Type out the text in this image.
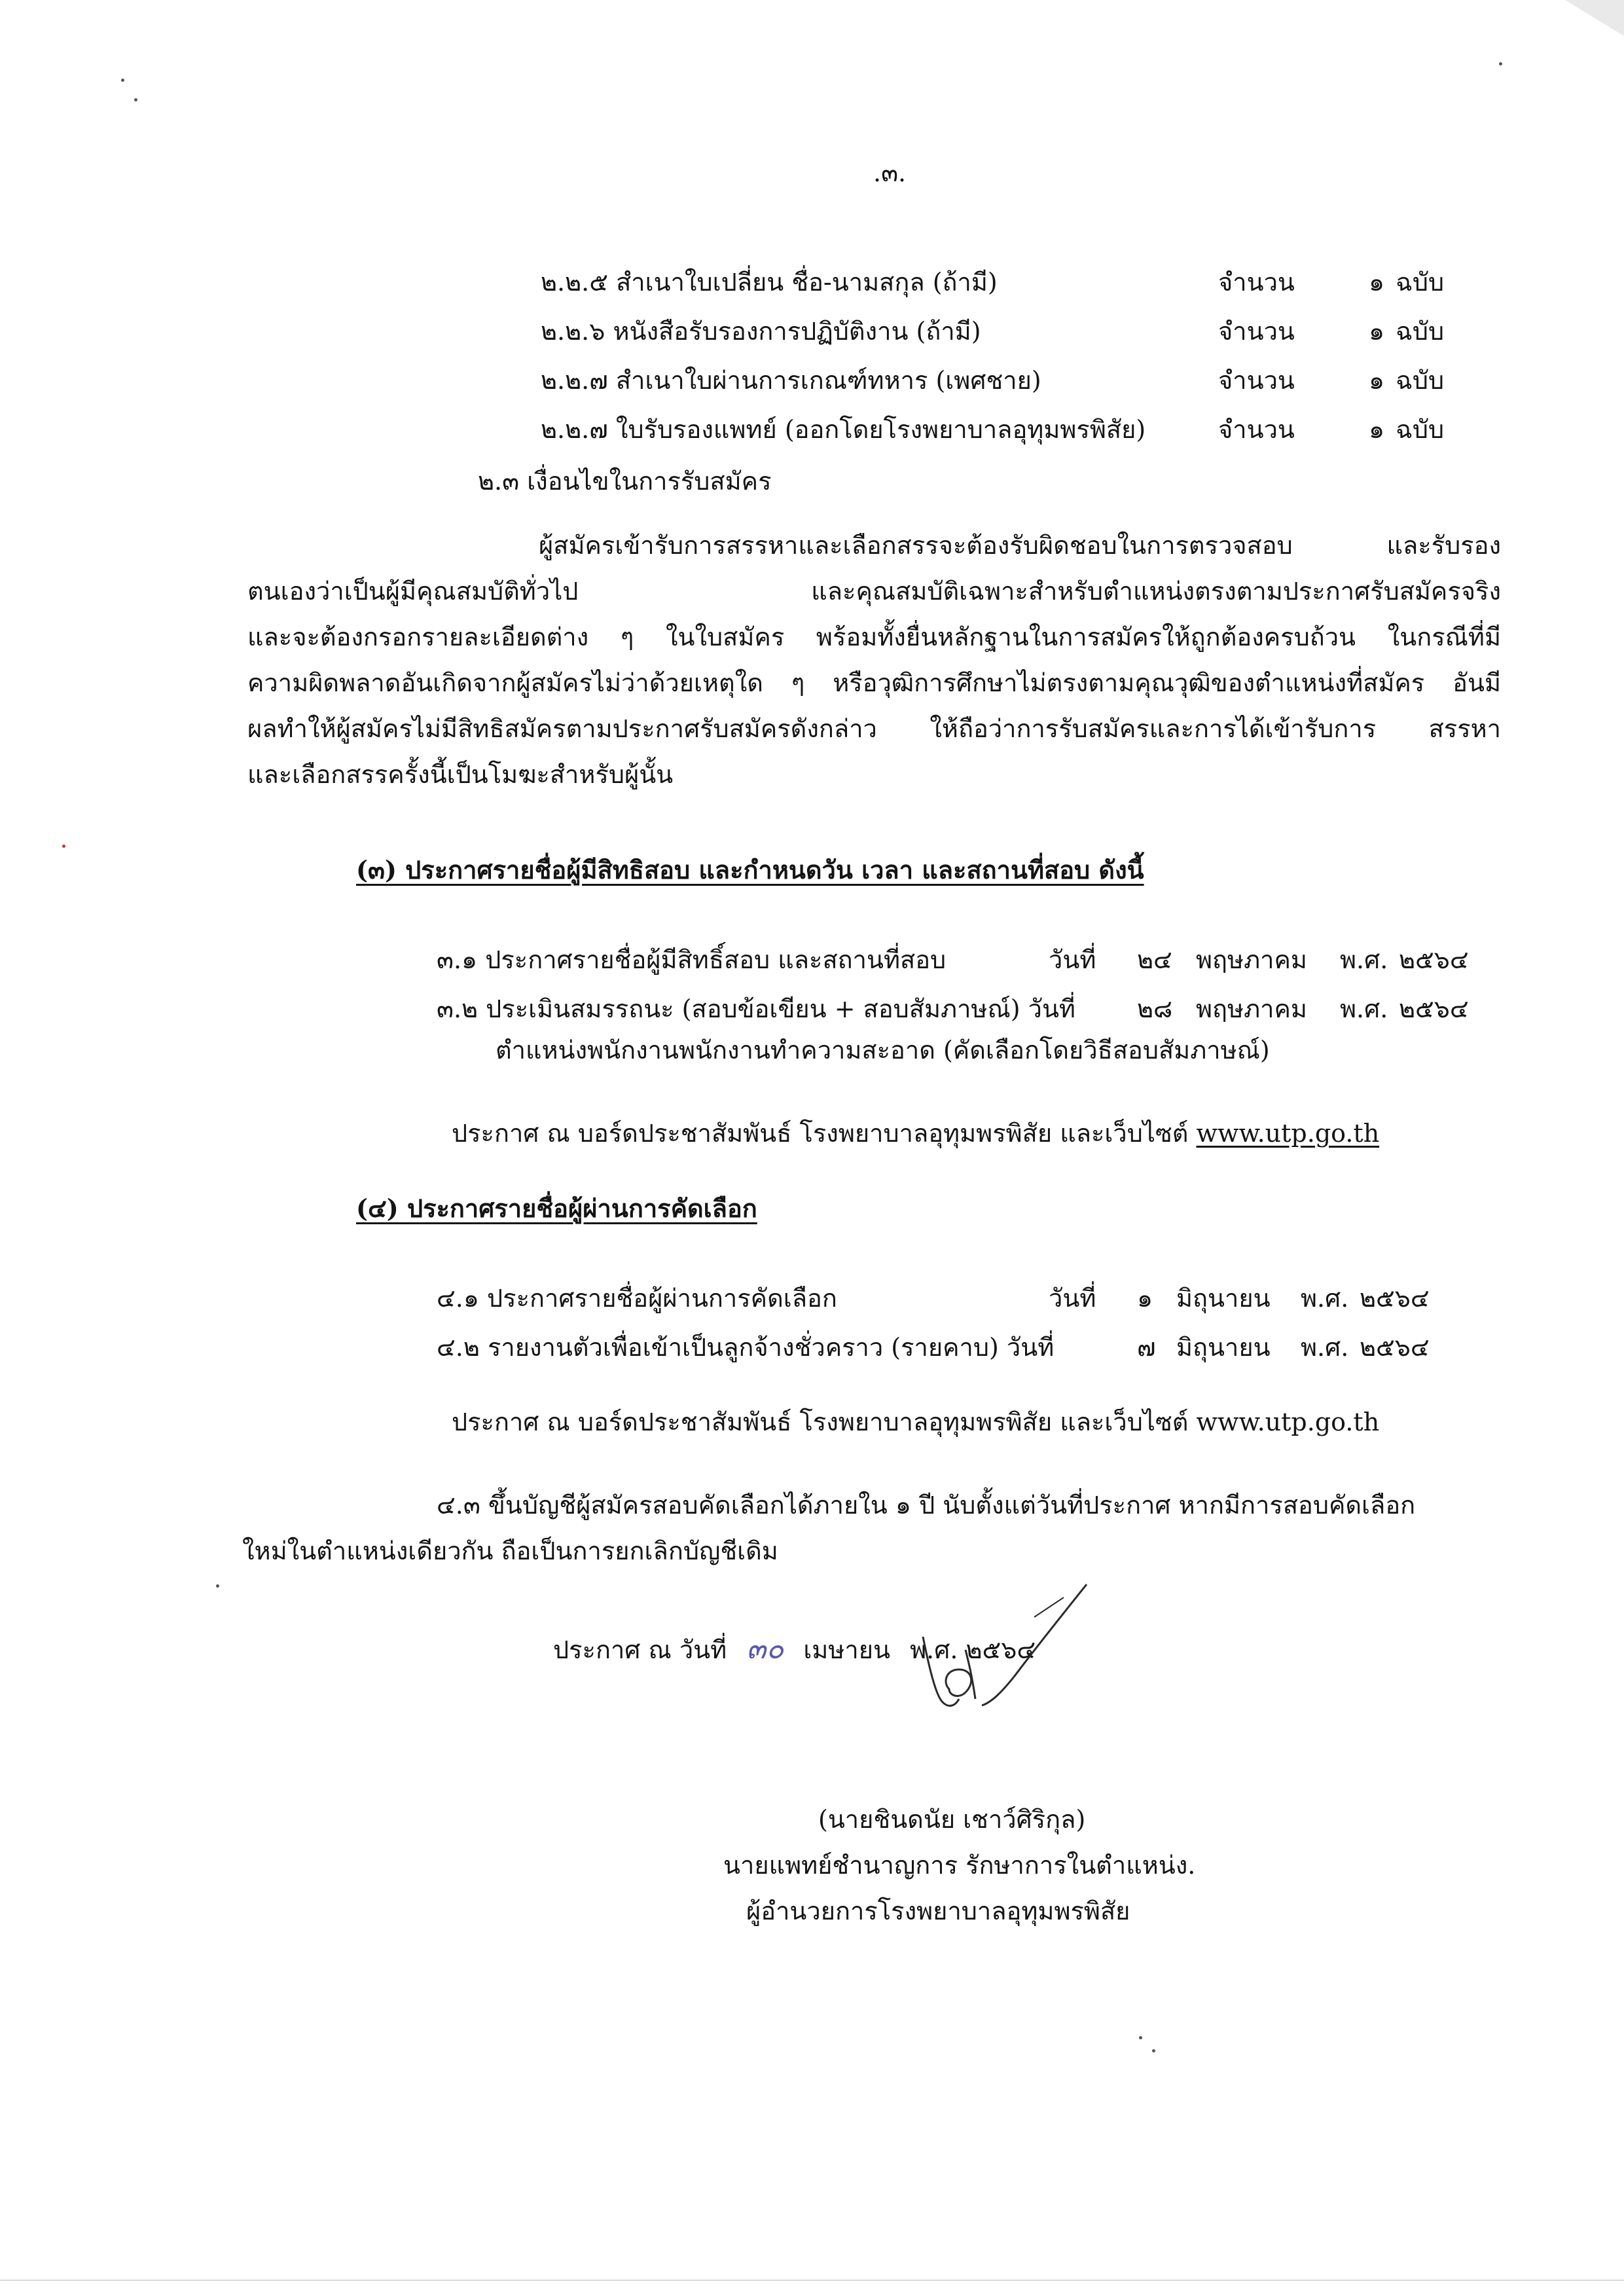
.๓.
๒.๒.๕ สำเนาใบเปลี่ยน ชื่อ-นามสกุล (ถ้ามี)	จำนวน	๑ ฉบับ
๒.๒.๖ หนังสือรับรองการปฏิบัติงาน (ถ้ามี)	จำนวน	๑ ฉบับ
๒.๒.๗ สำเนาใบผ่านการเกณฑ์ทหาร (เพศชาย)	จำนวน	๑ ฉบับ
๒.๒.๗ ใบรับรองแพทย์ (ออกโดยโรงพยาบาลอุทุมพรพิสัย)	จำนวน	๑ ฉบับ
๒.๓ เงื่อนไขในการรับสมัคร
ผู้สมัครเข้ารับการสรรหาและเลือกสรรจะต้องรับผิดชอบในการตรวจสอบ และรับรอง
ตนเองว่าเป็นผู้มีคุณสมบัติทั่วไป และคุณสมบัติเฉพาะสำหรับตำแหน่งตรงตามประกาศรับสมัครจริง
และจะต้องกรอกรายละเอียดต่าง ๆ ในใบสมัคร พร้อมทั้งยื่นหลักฐานในการสมัครให้ถูกต้องครบถ้วน ในกรณีที่มี
ความผิดพลาดอันเกิดจากผู้สมัครไม่ว่าด้วยเหตุใด ๆ หรือวุฒิการศึกษาไม่ตรงตามคุณวุฒิของตำแหน่งที่สมัคร อันมี
ผลทำให้ผู้สมัครไม่มีสิทธิสมัครตามประกาศรับสมัครดังกล่าว ให้ถือว่าการรับสมัครและการได้เข้ารับการ สรรหา
และเลือกสรรครั้งนี้เป็นโมฆะสำหรับผู้นั้น
(๓) ประกาศรายชื่อผู้มีสิทธิสอบ และกำหนดวัน เวลา และสถานที่สอบ ดังนี้
๓.๑ ประกาศรายชื่อผู้มีสิทธิ์สอบ และสถานที่สอบ	วันที่ ๒๔ พฤษภาคม พ.ศ. ๒๕๖๔
๓.๒ ประเมินสมรรถนะ (สอบข้อเขียน + สอบสัมภาษณ์) วันที่ ๒๘ พฤษภาคม พ.ศ. ๒๕๖๔
ตำแหน่งพนักงานพนักงานทำความสะอาด (คัดเลือกโดยวิธีสอบสัมภาษณ์)
ประกาศ ณ บอร์ดประชาสัมพันธ์ โรงพยาบาลอุทุมพรพิสัย และเว็บไซต์ www.utp.go.th
(๔) ประกาศรายชื่อผู้ผ่านการคัดเลือก
๔.๑ ประกาศรายชื่อผู้ผ่านการคัดเลือก	วันที่ ๑ มิถุนายน พ.ศ. ๒๕๖๔
๔.๒ รายงานตัวเพื่อเข้าเป็นลูกจ้างชั่วคราว (รายคาบ) วันที่	๗ มิถุนายน พ.ศ. ๒๕๖๔
ประกาศ ณ บอร์ดประชาสัมพันธ์ โรงพยาบาลอุทุมพรพิสัย และเว็บไซต์ www.utp.go.th
๔.๓ ขึ้นบัญชีผู้สมัครสอบคัดเลือกได้ภายใน ๑ ปี นับตั้งแต่วันที่ประกาศ หากมีการสอบคัดเลือก
ใหม่ในตำแหน่งเดียวกัน ถือเป็นการยกเลิกบัญชีเดิม
ประกาศ ณ วันที่ ๓๐ เมษายน พ.ศ. ๒๕๖๔
(นายชินดนัย เชาว์ศิริกุล)
นายแพทย์ชำนาญการ รักษาการในตำแหน่ง.
ผู้อำนวยการโรงพยาบาลอุทุมพรพิสัย
